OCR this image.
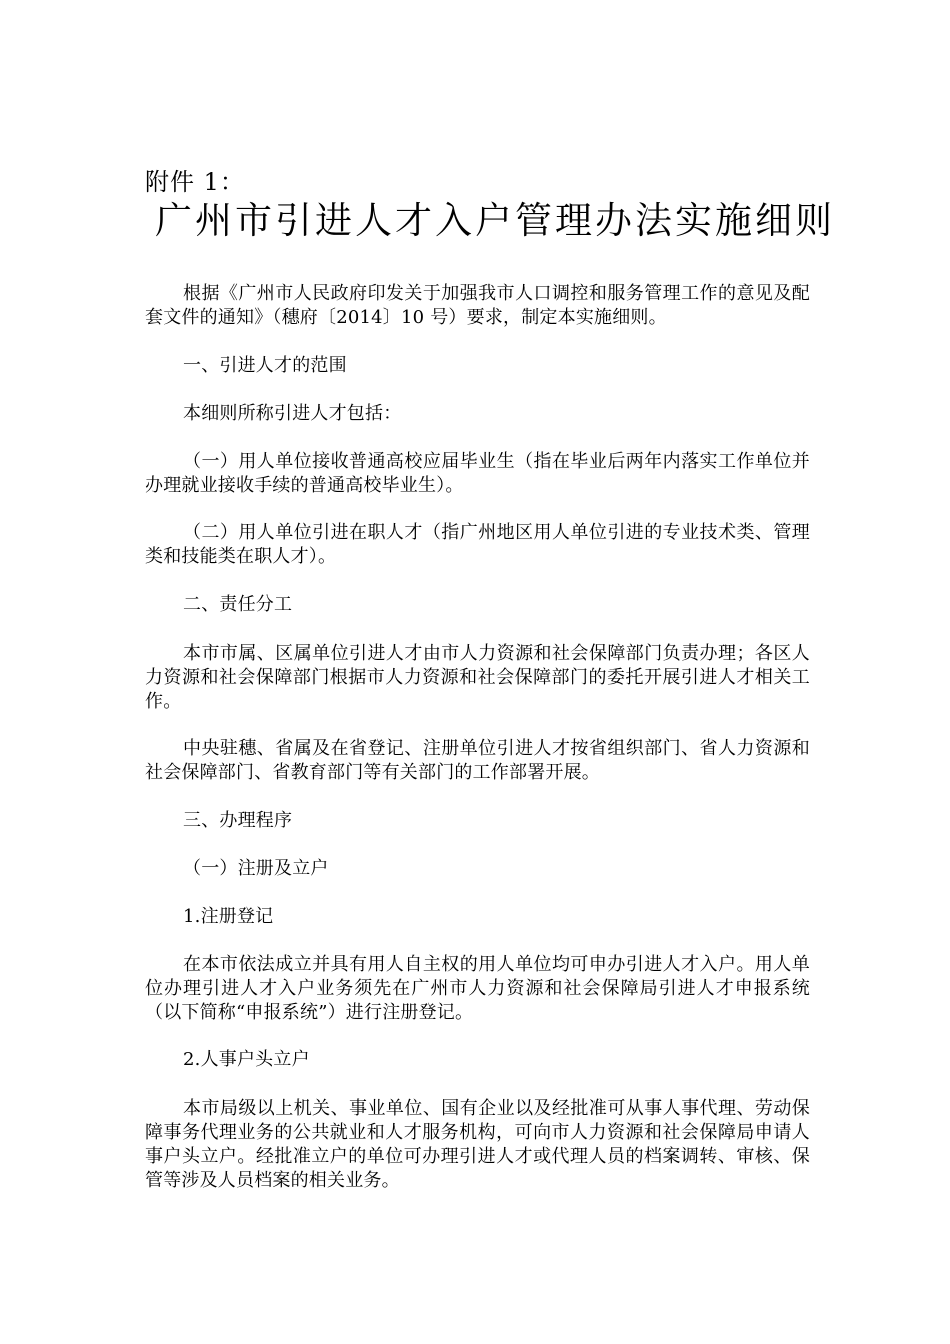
附件 1：
广州市引进人才入户管理办法实施细则

根据《广州市人民政府印发关于加强我市人口调控和服务管理工作的意见及配套文件的通知》（穗府〔2014〕10 号）要求，制定本实施细则。

一、引进人才的范围

本细则所称引进人才包括：

（一）用人单位接收普通高校应届毕业生（指在毕业后两年内落实工作单位并办理就业接收手续的普通高校毕业生）。

（二）用人单位引进在职人才（指广州地区用人单位引进的专业技术类、管理类和技能类在职人才）。

二、责任分工

本市市属、区属单位引进人才由市人力资源和社会保障部门负责办理；各区人力资源和社会保障部门根据市人力资源和社会保障部门的委托开展引进人才相关工作。

中央驻穗、省属及在省登记、注册单位引进人才按省组织部门、省人力资源和社会保障部门、省教育部门等有关部门的工作部署开展。

三、办理程序

（一）注册及立户

1.注册登记

在本市依法成立并具有用人自主权的用人单位均可申办引进人才入户。用人单位办理引进人才入户业务须先在广州市人力资源和社会保障局引进人才申报系统（以下简称“申报系统”）进行注册登记。

2.人事户头立户

本市局级以上机关、事业单位、国有企业以及经批准可从事人事代理、劳动保障事务代理业务的公共就业和人才服务机构，可向市人力资源和社会保障局申请人事户头立户。经批准立户的单位可办理引进人才或代理人员的档案调转、审核、保管等涉及人员档案的相关业务。
